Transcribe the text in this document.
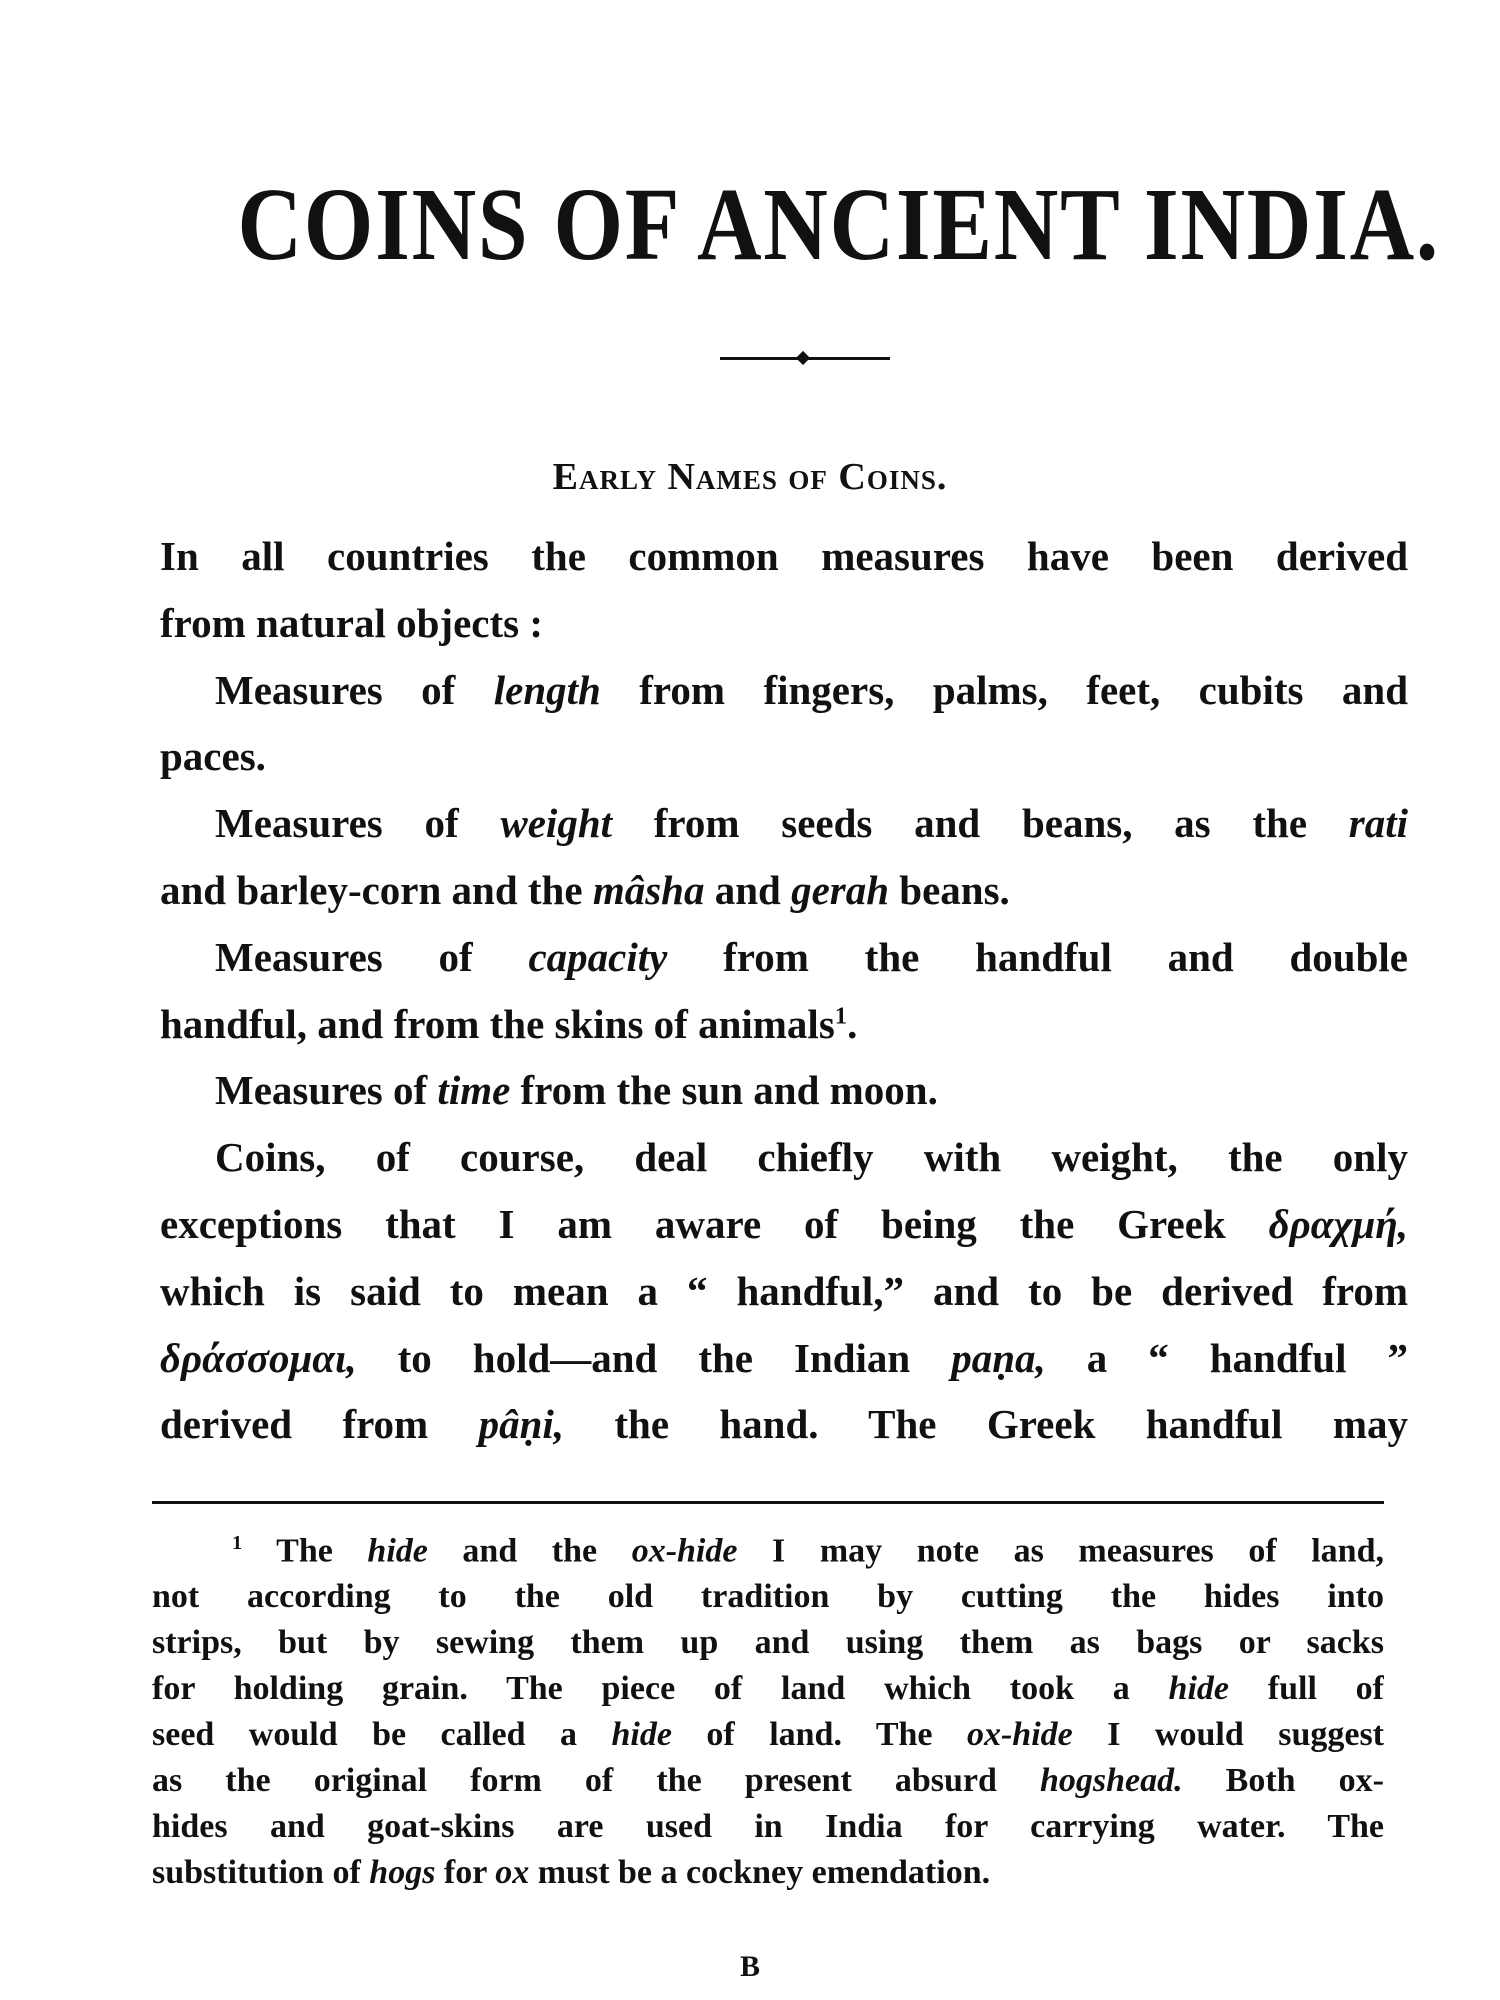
COINS OF ANCIENT INDIA.
Early Names of Coins.
In all countries the common measures have been derived
from natural objects :
Measures of length from fingers, palms, feet, cubits and
paces.
Measures of weight from seeds and beans, as the rati
and barley-corn and the mâsha and gerah beans.
Measures of capacity from the handful and double
handful, and from the skins of animals$^1$.
Measures of time from the sun and moon.
Coins, of course, deal chiefly with weight, the only
exceptions that I am aware of being the Greek δραχμή,
which is said to mean a “ handful,” and to be derived from
δράσσομαι, to hold—and the Indian paṇa, a “ handful ”
derived from pâṇi, the hand. The Greek handful may
$^1$ The hide and the ox-hide I may note as measures of land,
not according to the old tradition by cutting the hides into
strips, but by sewing them up and using them as bags or sacks
for holding grain. The piece of land which took a hide full of
seed would be called a hide of land. The ox-hide I would suggest
as the original form of the present absurd hogshead. Both ox-
hides and goat-skins are used in India for carrying water. The
substitution of hogs for ox must be a cockney emendation.
B
